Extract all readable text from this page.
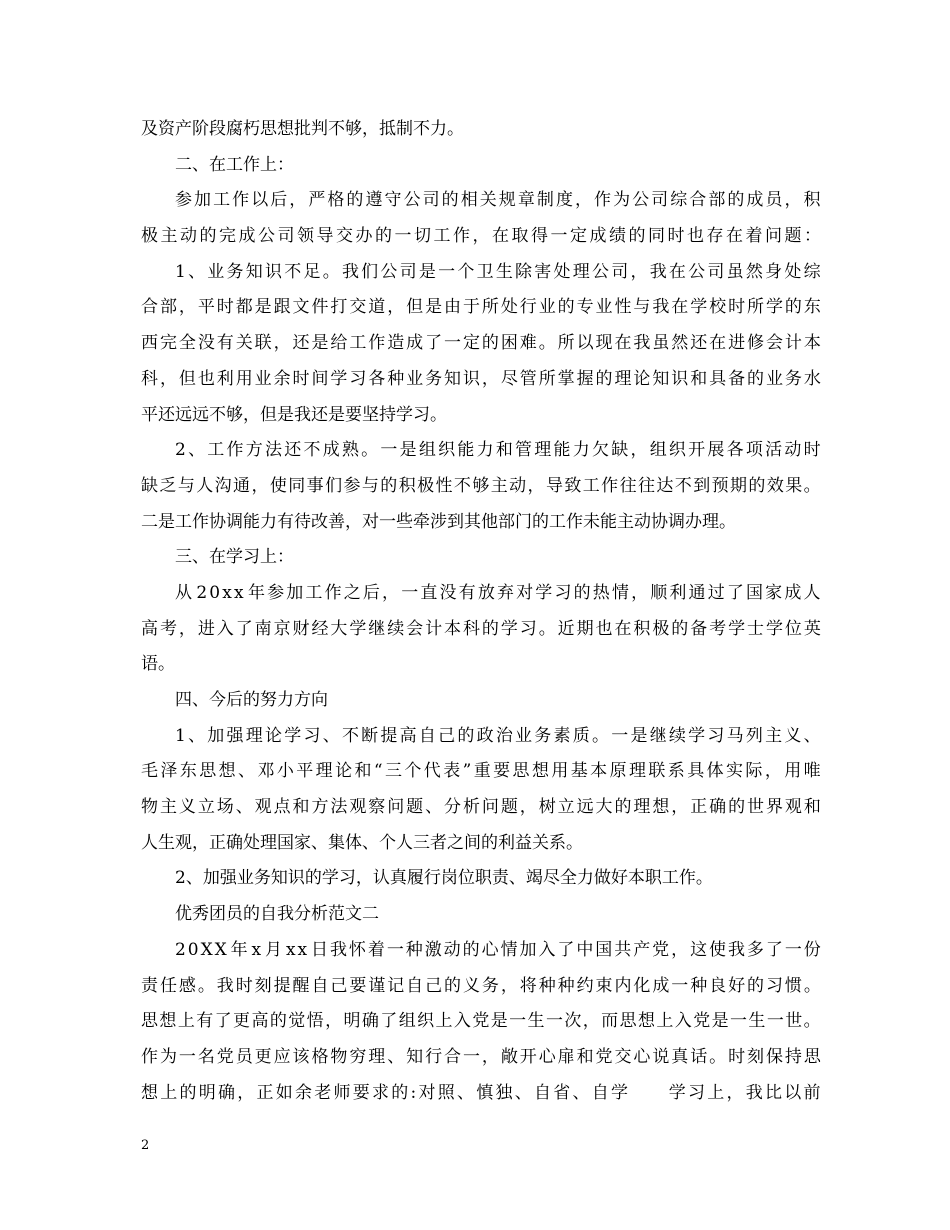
及资产阶段腐朽思想批判不够，抵制不力。
二、在工作上：
参 加 工 作 以 后 ， 严 格 的 遵 守 公 司 的 相 关 规 章 制 度 ， 作 为 公 司 综 合 部 的 成 员 ， 积
极 主 动 的 完 成 公 司 领 导 交 办 的 一 切 工 作 ， 在 取 得 一 定 成 绩 的 同 时 也 存 在 着 问 题 ：
1 、 业 务 知 识 不 足 。 我 们 公 司 是 一 个 卫 生 除 害 处 理 公 司 ， 我 在 公 司 虽 然 身 处 综
合 部 ， 平 时 都 是 跟 文 件 打 交 道 ， 但 是 由 于 所 处 行 业 的 专 业 性 与 我 在 学 校 时 所 学 的 东
西 完 全 没 有 关 联 ， 还 是 给 工 作 造 成 了 一 定 的 困 难 。 所 以 现 在 我 虽 然 还 在 进 修 会 计 本
科 ， 但 也 利 用 业 余 时 间 学 习 各 种 业 务 知 识 ， 尽 管 所 掌 握 的 理 论 知 识 和 具 备 的 业 务 水
平还远远不够，但是我还是要坚持学习。
2 、 工 作 方 法 还 不 成 熟 。 一 是 组 织 能 力 和 管 理 能 力 欠 缺 ， 组 织 开 展 各 项 活 动 时
缺 乏 与 人 沟 通 ， 使 同 事 们 参 与 的 积 极 性 不 够 主 动 ， 导 致 工 作 往 往 达 不 到 预 期 的 效 果 。
二是工作协调能力有待改善，对一些牵涉到其他部门的工作未能主动协调办理。
三、在学习上：
从 2 0 x x 年 参 加 工 作 之 后 ， 一 直 没 有 放 弃 对 学 习 的 热 情 ， 顺 利 通 过 了 国 家 成 人
高 考 ， 进 入 了 南 京 财 经 大 学 继 续 会 计 本 科 的 学 习 。 近 期 也 在 积 极 的 备 考 学 士 学 位 英
语。
四、今后的努力方向
1 、 加 强 理 论 学 习 、 不 断 提 高 自 己 的 政 治 业 务 素 质 。 一 是 继 续 学 习 马 列 主 义 、
毛 泽 东 思 想 、 邓 小 平 理 论 和 “ 三 个 代 表 ” 重 要 思 想 用 基 本 原 理 联 系 具 体 实 际 ， 用 唯
物 主 义 立 场 、 观 点 和 方 法 观 察 问 题 、 分 析 问 题 ， 树 立 远 大 的 理 想 ， 正 确 的 世 界 观 和
人生观，正确处理国家、集体、个人三者之间的利益关系。
2、加强业务知识的学习，认真履行岗位职责、竭尽全力做好本职工作。
优秀团员的自我分析范文二
2 0 X X 年 x 月 x x 日 我 怀 着 一 种 激 动 的 心 情 加 入 了 中 国 共 产 党 ， 这 使 我 多 了 一 份
责 任 感 。 我 时 刻 提 醒 自 己 要 谨 记 自 己 的 义 务 ， 将 种 种 约 束 内 化 成 一 种 良 好 的 习 惯 。
思 想 上 有 了 更 高 的 觉 悟 ， 明 确 了 组 织 上 入 党 是 一 生 一 次 ， 而 思 想 上 入 党 是 一 生 一 世 。
作 为 一 名 党 员 更 应 该 格 物 穷 理 、 知 行 合 一 ， 敞 开 心 扉 和 党 交 心 说 真 话 。 时 刻 保 持 思
想 上 的 明 确 ， 正 如 余 老 师 要 求 的 : 对 照 、 慎 独 、 自 省 、 自 学

　 学 习 上 ， 我 比 以 前
2
